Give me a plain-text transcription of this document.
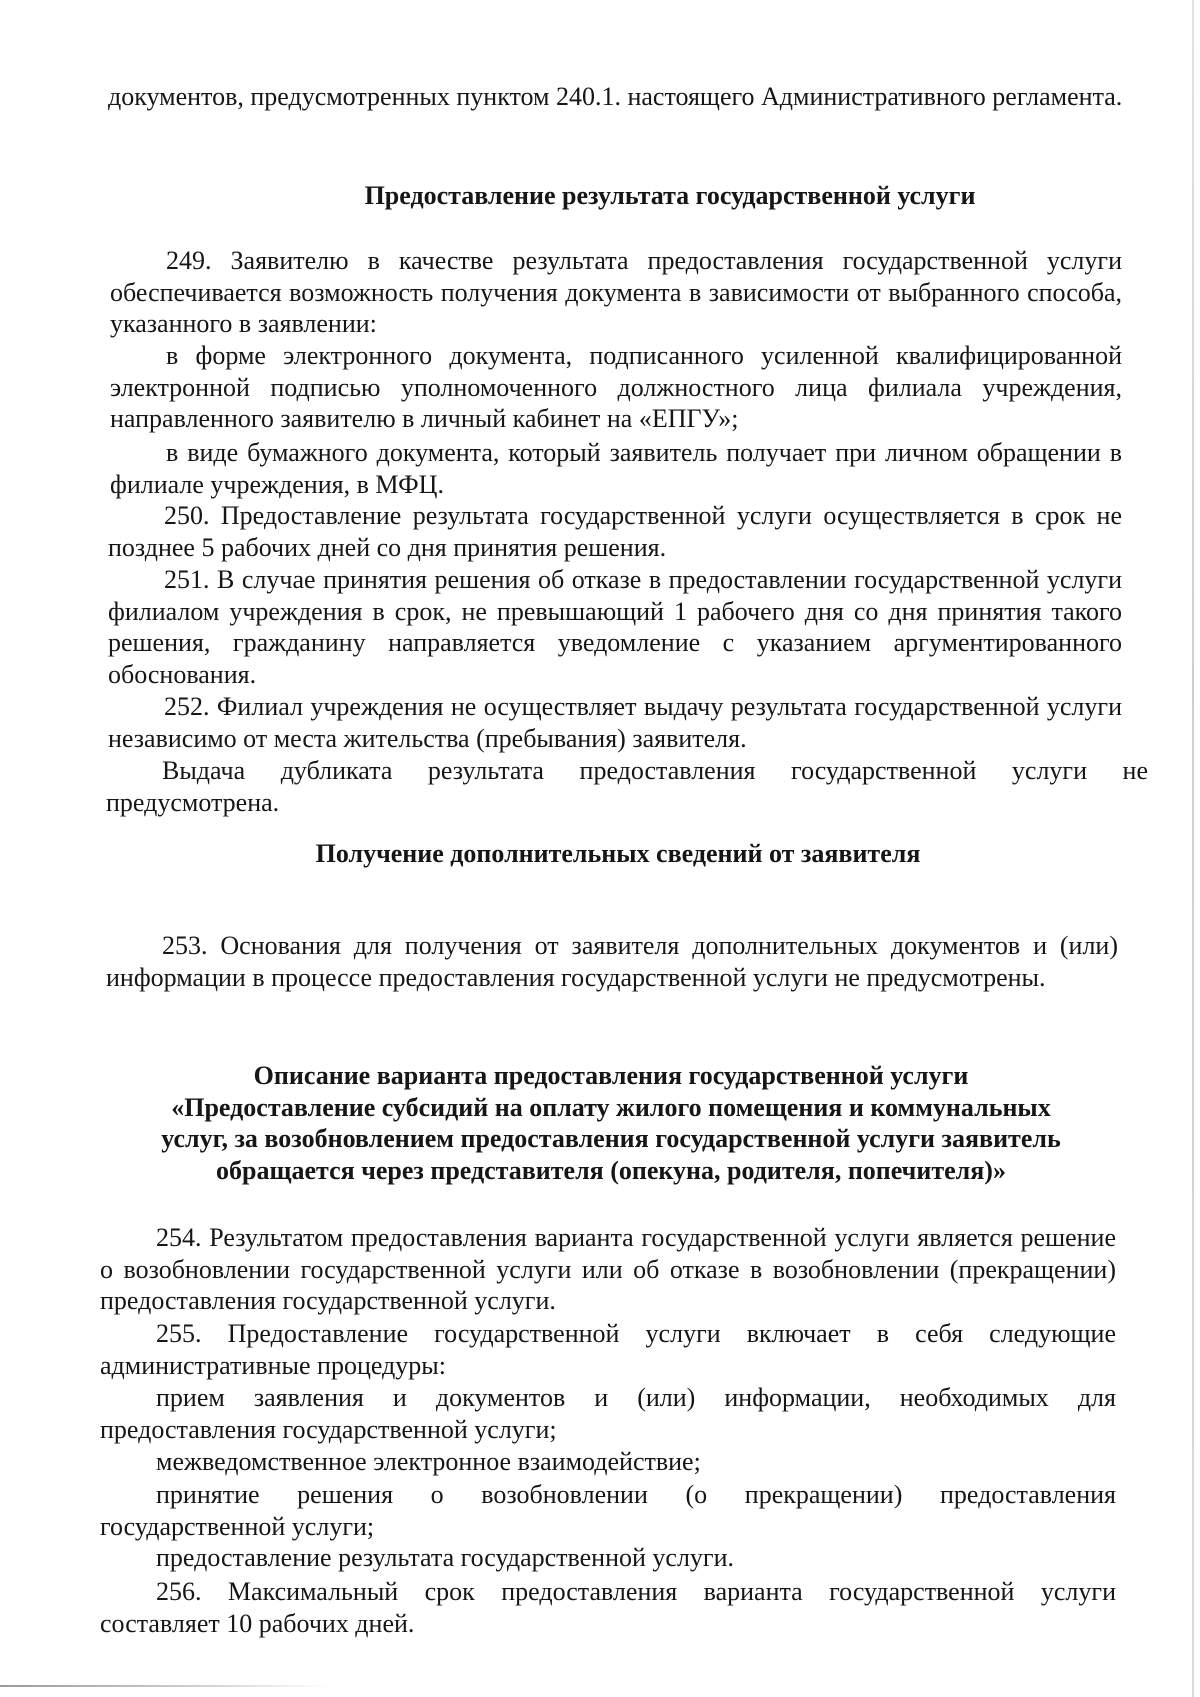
документов, предусмотренных пунктом 240.1. настоящего Административного регламента.

Предоставление результата государственной услуги

249. Заявителю в качестве результата предоставления государственной услуги обеспечивается возможность получения документа в зависимости от выбранного способа, указанного в заявлении:

в форме электронного документа, подписанного усиленной квалифицированной электронной подписью уполномоченного должностного лица филиала учреждения, направленного заявителю в личный кабинет на «ЕПГУ»;

в виде бумажного документа, который заявитель получает при личном обращении в филиале учреждения, в МФЦ.

250. Предоставление результата государственной услуги осуществляется в срок не позднее 5 рабочих дней со дня принятия решения.

251. В случае принятия решения об отказе в предоставлении государственной услуги филиалом учреждения в срок, не превышающий 1 рабочего дня со дня принятия такого решения, гражданину направляется уведомление с указанием аргументированного обоснования.

252. Филиал учреждения не осуществляет выдачу результата государственной услуги независимо от места жительства (пребывания) заявителя.

Выдача дубликата результата предоставления государственной услуги не предусмотрена.

Получение дополнительных сведений от заявителя

253. Основания для получения от заявителя дополнительных документов и (или) информации в процессе предоставления государственной услуги не предусмотрены.

Описание варианта предоставления государственной услуги
«Предоставление субсидий на оплату жилого помещения и коммунальных
услуг, за возобновлением предоставления государственной услуги заявитель
обращается через представителя (опекуна, родителя, попечителя)»

254. Результатом предоставления варианта государственной услуги является решение о возобновлении государственной услуги или об отказе в возобновлении (прекращении) предоставления государственной услуги.

255. Предоставление государственной услуги включает в себя следующие административные процедуры:

прием заявления и документов и (или) информации, необходимых для предоставления государственной услуги;

межведомственное электронное взаимодействие;

принятие решения о возобновлении (о прекращении) предоставления государственной услуги;

предоставление результата государственной услуги.

256. Максимальный срок предоставления варианта государственной услуги составляет 10 рабочих дней.
